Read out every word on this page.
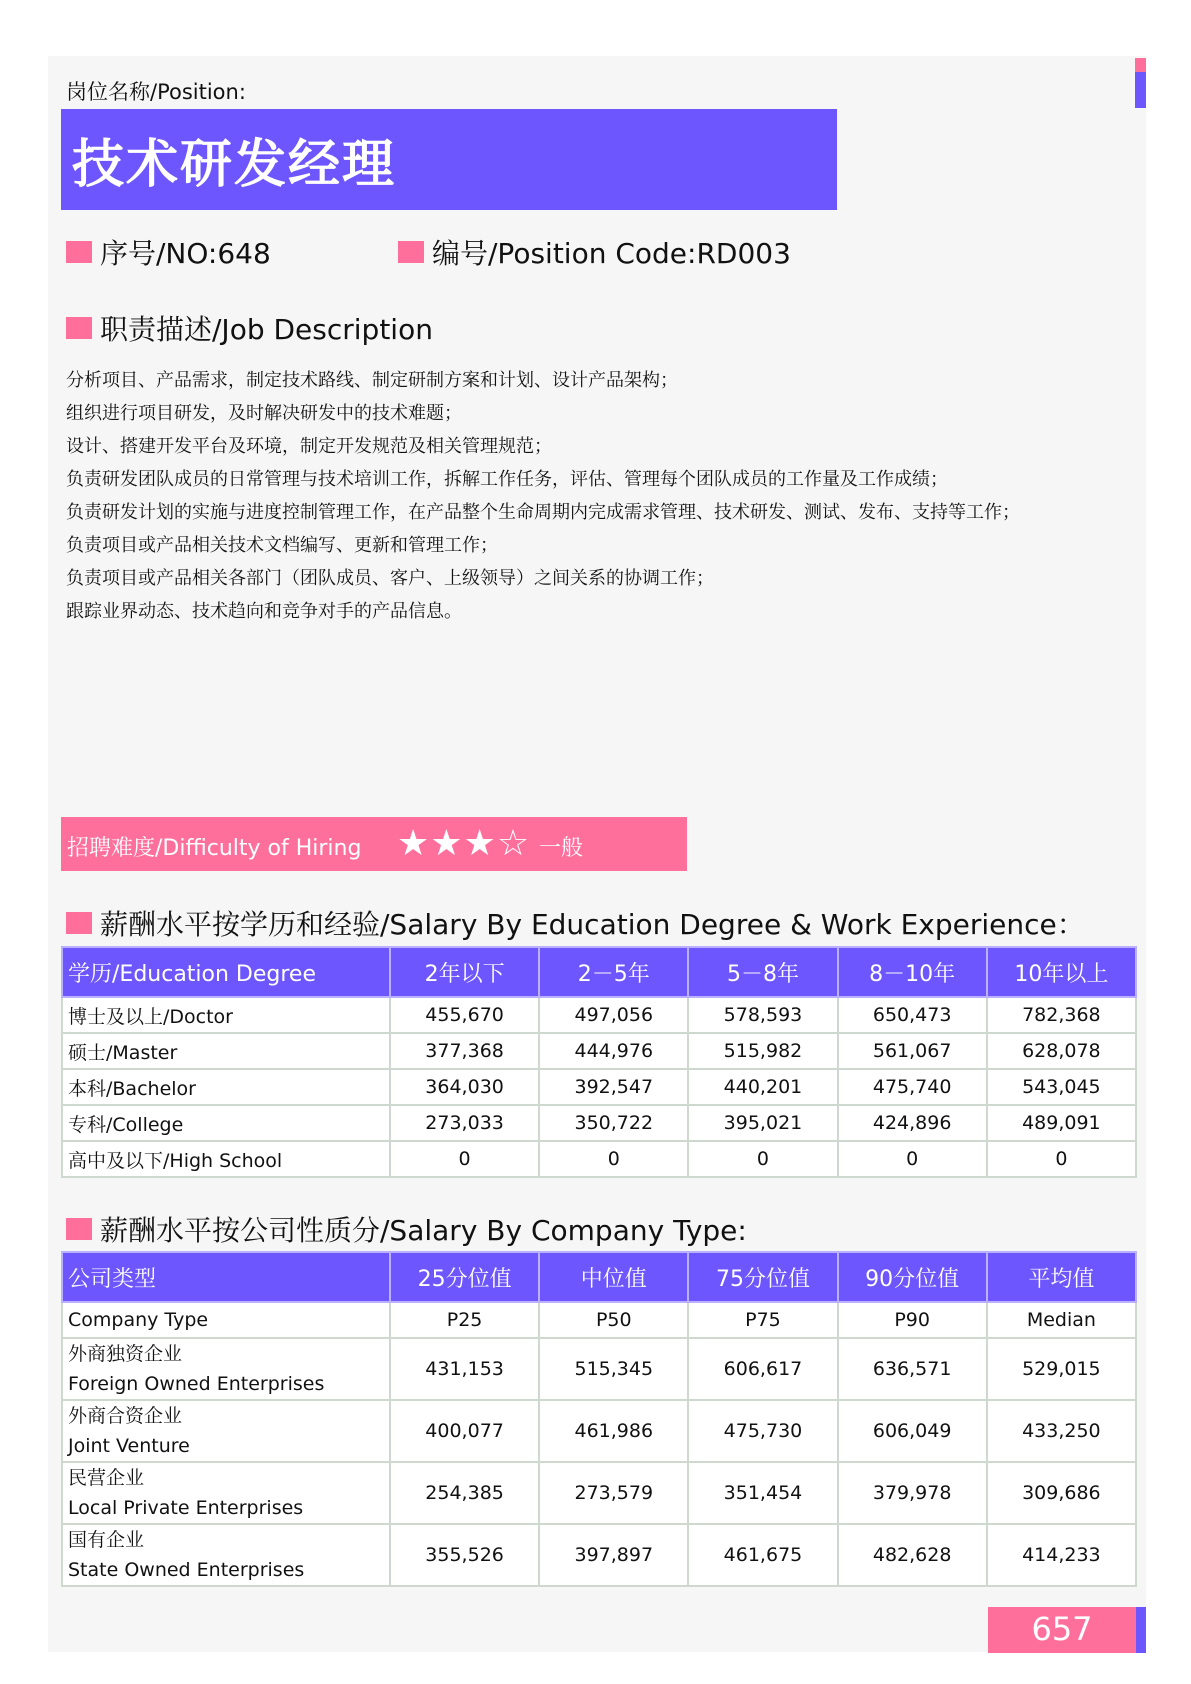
岗位名称/Position:
技术研发经理
序号/NO:648	编号/Position Code:RD003
职责描述/Job Description
分析项目、产品需求，制定技术路线、制定研制方案和计划、设计产品架构；
组织进行项目研发，及时解决研发中的技术难题；
设计、搭建开发平台及环境，制定开发规范及相关管理规范；
负责研发团队成员的日常管理与技术培训工作，拆解工作任务，评估、管理每个团队成员的工作量及工作成绩；
负责研发计划的实施与进度控制管理工作，在产品整个生命周期内完成需求管理、技术研发、测试、发布、支持等工作；
负责项目或产品相关技术文档编写、更新和管理工作；
负责项目或产品相关各部门（团队成员、客户、上级领导）之间关系的协调工作；
跟踪业界动态、技术趋向和竞争对手的产品信息。
招聘难度/Difficulty of Hiring ★★★☆ 一般
薪酬水平按学历和经验/Salary By Education Degree & Work Experience：
学历/Education Degree	2年以下	2－5年	5－8年	8－10年	10年以上
博士及以上/Doctor	455,670	497,056	578,593	650,473	782,368
硕士/Master	377,368	444,976	515,982	561,067	628,078
本科/Bachelor	364,030	392,547	440,201	475,740	543,045
专科/College	273,033	350,722	395,021	424,896	489,091
高中及以下/High School	0	0	0	0	0
薪酬水平按公司性质分/Salary By Company Type:
公司类型	25分位值	中位值	75分位值	90分位值	平均值
Company Type	P25	P50	P75	P90	Median

外商独资企业
Foreign Owned Enterprises	431,153	515,345	606,617	636,571	529,015

外商合资企业
Joint Venture	400,077	461,986	475,730	606,049	433,250

民营企业
Local Private Enterprises	254,385	273,579	351,454	379,978	309,686

国有企业
State Owned Enterprises	355,526	397,897	461,675	482,628	414,233
657
